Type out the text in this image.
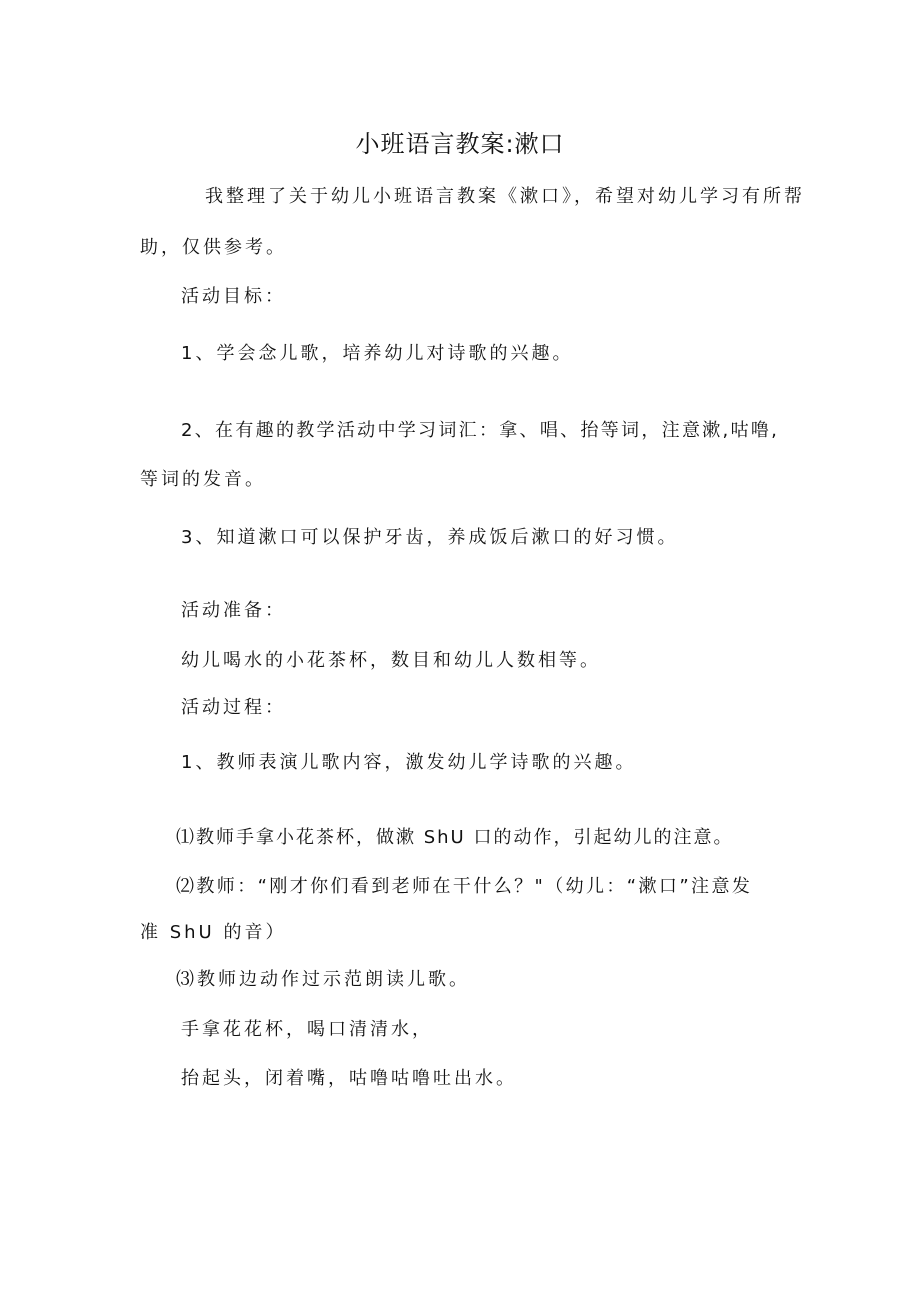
小班语言教案:漱口
我整理了关于幼儿小班语言教案《漱口》，希望对幼儿学习有所帮
助，仅供参考。
活动目标：
1、学会念儿歌，培养幼儿对诗歌的兴趣。
2、在有趣的教学活动中学习词汇：拿、唱、抬等词，注意漱,咕噜,
等词的发音。
3、知道漱口可以保护牙齿，养成饭后漱口的好习惯。
活动准备：
幼儿喝水的小花茶杯，数目和幼儿人数相等。
活动过程：
1、教师表演儿歌内容，激发幼儿学诗歌的兴趣。
⑴教师手拿小花茶杯，做漱 ShU 口的动作，引起幼儿的注意。
⑵教师：“刚才你们看到老师在干什么？"（幼儿：“漱口”注意发
准 ShU 的音）
⑶教师边动作过示范朗读儿歌。
手拿花花杯，喝口清清水，
抬起头，闭着嘴，咕噜咕噜吐出水。
